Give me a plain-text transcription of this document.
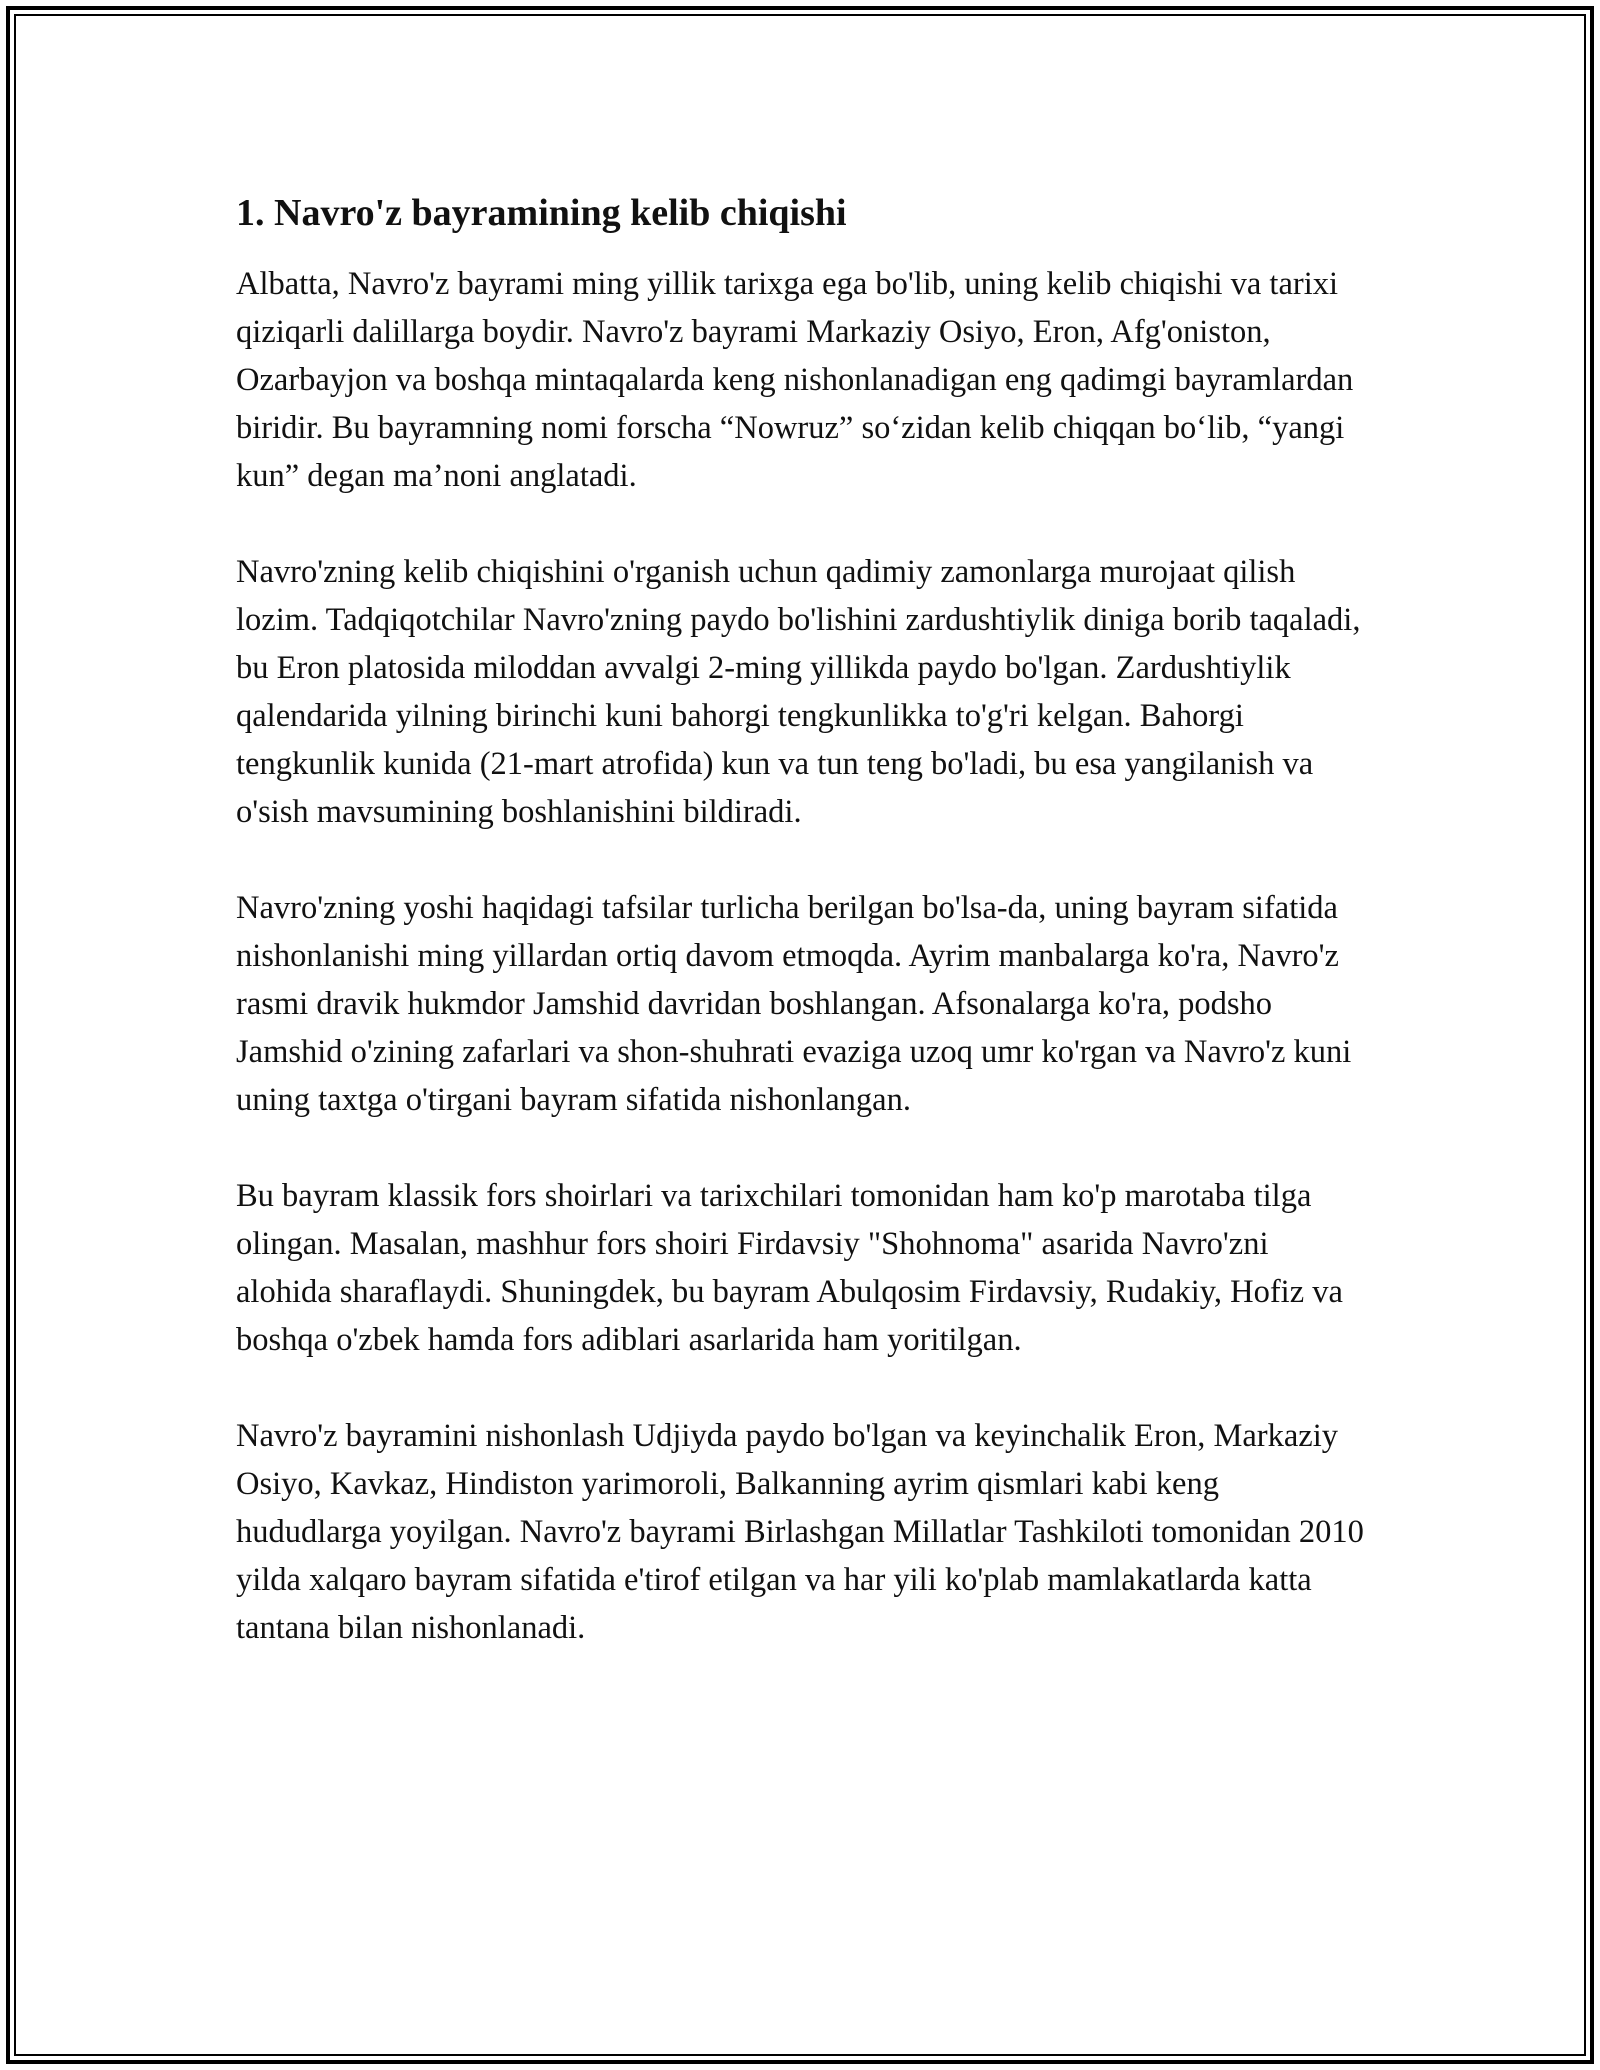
1. Navro'z bayramining kelib chiqishi

Albatta, Navro'z bayrami ming yillik tarixga ega bo'lib, uning kelib chiqishi va tarixi qiziqarli dalillarga boydir. Navro'z bayrami Markaziy Osiyo, Eron, Afg'oniston, Ozarbayjon va boshqa mintaqalarda keng nishonlanadigan eng qadimgi bayramlardan biridir. Bu bayramning nomi forscha “Nowruz” so‘zidan kelib chiqqan bo‘lib, “yangi kun” degan ma’noni anglatadi.

Navro'zning kelib chiqishini o'rganish uchun qadimiy zamonlarga murojaat qilish lozim. Tadqiqotchilar Navro'zning paydo bo'lishini zardushtiylik diniga borib taqaladi, bu Eron platosida miloddan avvalgi 2-ming yillikda paydo bo'lgan. Zardushtiylik qalendarida yilning birinchi kuni bahorgi tengkunlikka to'g'ri kelgan. Bahorgi tengkunlik kunida (21-mart atrofida) kun va tun teng bo'ladi, bu esa yangilanish va o'sish mavsumining boshlanishini bildiradi.

Navro'zning yoshi haqidagi tafsilar turlicha berilgan bo'lsa-da, uning bayram sifatida nishonlanishi ming yillardan ortiq davom etmoqda. Ayrim manbalarga ko'ra, Navro'z rasmi dravik hukmdor Jamshid davridan boshlangan. Afsonalarga ko'ra, podsho Jamshid o'zining zafarlari va shon-shuhrati evaziga uzoq umr ko'rgan va Navro'z kuni uning taxtga o'tirgani bayram sifatida nishonlangan.

Bu bayram klassik fors shoirlari va tarixchilari tomonidan ham ko'p marotaba tilga olingan. Masalan, mashhur fors shoiri Firdavsiy "Shohnoma" asarida Navro'zni alohida sharaflaydi. Shuningdek, bu bayram Abulqosim Firdavsiy, Rudakiy, Hofiz va boshqa o'zbek hamda fors adiblari asarlarida ham yoritilgan.

Navro'z bayramini nishonlash Udjiyda paydo bo'lgan va keyinchalik Eron, Markaziy Osiyo, Kavkaz, Hindiston yarimoroli, Balkanning ayrim qismlari kabi keng hududlarga yoyilgan. Navro'z bayrami Birlashgan Millatlar Tashkiloti tomonidan 2010 yilda xalqaro bayram sifatida e'tirof etilgan va har yili ko'plab mamlakatlarda katta tantana bilan nishonlanadi.
